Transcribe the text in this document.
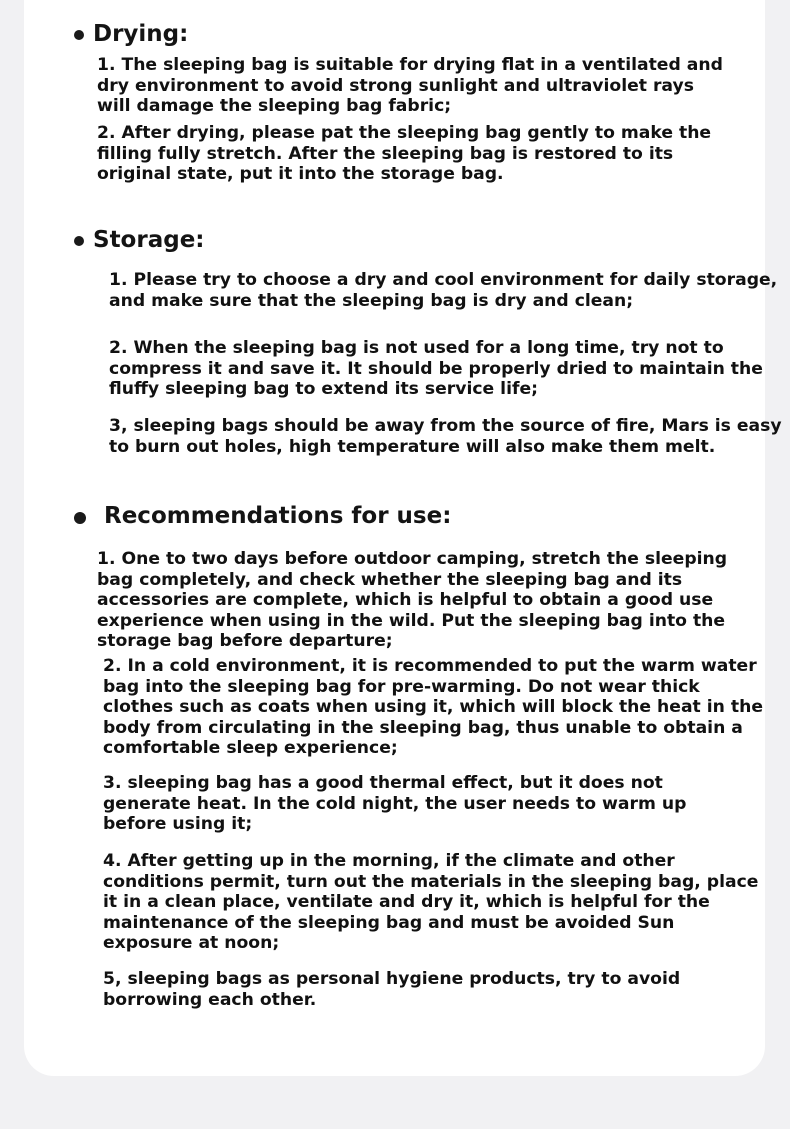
Drying:
1. The sleeping bag is suitable for drying flat in a ventilated and
dry environment to avoid strong sunlight and ultraviolet rays
will damage the sleeping bag fabric;
2. After drying, please pat the sleeping bag gently to make the
filling fully stretch. After the sleeping bag is restored to its
original state, put it into the storage bag.
Storage:
1. Please try to choose a dry and cool environment for daily storage,
and make sure that the sleeping bag is dry and clean;
2. When the sleeping bag is not used for a long time, try not to
compress it and save it. It should be properly dried to maintain the
fluffy sleeping bag to extend its service life;
3, sleeping bags should be away from the source of fire, Mars is easy
to burn out holes, high temperature will also make them melt.
Recommendations for use:
1. One to two days before outdoor camping, stretch the sleeping
bag completely, and check whether the sleeping bag and its
accessories are complete, which is helpful to obtain a good use
experience when using in the wild. Put the sleeping bag into the
storage bag before departure;
2. In a cold environment, it is recommended to put the warm water
bag into the sleeping bag for pre-warming. Do not wear thick
clothes such as coats when using it, which will block the heat in the
body from circulating in the sleeping bag, thus unable to obtain a
comfortable sleep experience;
3. sleeping bag has a good thermal effect, but it does not
generate heat. In the cold night, the user needs to warm up
before using it;
4. After getting up in the morning, if the climate and other
conditions permit, turn out the materials in the sleeping bag, place
it in a clean place, ventilate and dry it, which is helpful for the
maintenance of the sleeping bag and must be avoided Sun
exposure at noon;
5, sleeping bags as personal hygiene products, try to avoid
borrowing each other.
